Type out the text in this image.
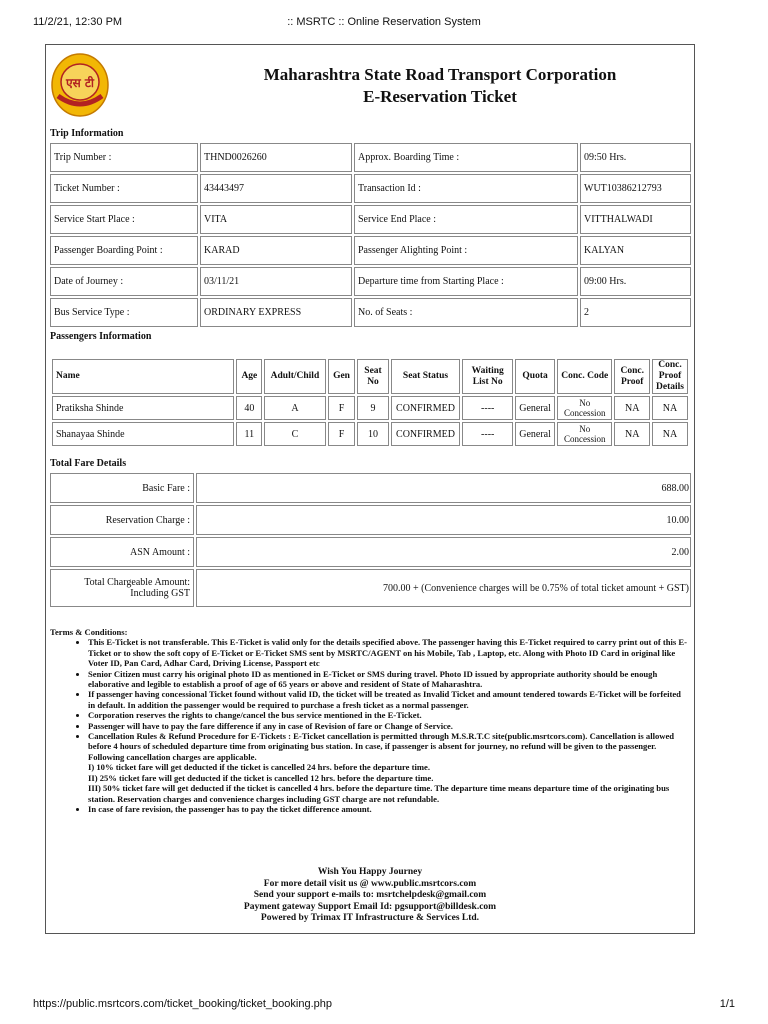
11/2/21, 12:30 PM	:: MSRTC :: Online Reservation System
एस टी	Maharashtra State Road Transport Corporation
E-Reservation Ticket
Trip Information
Trip Number :	THND0026260	Approx. Boarding Time :	09:50 Hrs.
Ticket Number :	43443497	Transaction Id :	WUT10386212793
Service Start Place :	VITA	Service End Place :	VITTHALWADI
Passenger Boarding Point :	KARAD	Passenger Alighting Point :	KALYAN
Date of Journey :	03/11/21	Departure time from Starting Place :	09:00 Hrs.
Bus Service Type :	ORDINARY EXPRESS	No. of Seats :	2
Passengers Information
Name	Age	Adult/Child	Gen	Seat No	Seat Status	Waiting List No	Quota	Conc. Code	Conc. Proof	Conc. Proof Details
Pratiksha Shinde	40	A	F	9	CONFIRMED	----	General	No Concession	NA	NA
Shanayaa Shinde	11	C	F	10	CONFIRMED	----	General	No Concession	NA	NA
Total Fare Details
Basic Fare :	688.00
Reservation Charge :	10.00
ASN Amount :	2.00

Total Chargeable Amount:
Including GST	700.00 + (Convenience charges will be 0.75% of total ticket amount + GST)
Terms & Conditions:
• This E-Ticket is not transferable. This E-Ticket is valid only for the details specified above. The passenger having this E-Ticket required to carry print out of this E-Ticket or to show the soft copy of E-Ticket or E-Ticket SMS sent by MSRTC/AGENT on his Mobile, Tab , Laptop, etc. Along with Photo ID Card in original like Voter ID, Pan Card, Adhar Card, Driving License, Passport etc
• Senior Citizen must carry his original photo ID as mentioned in E-Ticket or SMS during travel. Photo ID issued by appropriate authority should be enough elaborative and legible to establish a proof of age of 65 years or above and resident of State of Maharashtra.
• If passenger having concessional Ticket found without valid ID, the ticket will be treated as Invalid Ticket and amount tendered towards E-Ticket will be forfeited in default. In addition the passenger would be required to purchase a fresh ticket as a normal passenger.
• Corporation reserves the rights to change/cancel the bus service mentioned in the E-Ticket.
• Passenger will have to pay the fare difference if any in case of Revision of fare or Change of Service.
• Cancellation Rules & Refund Procedure for E-Tickets : E-Ticket cancellation is permitted through M.S.R.T.C site(public.msrtcors.com). Cancellation is allowed before 4 hours of scheduled departure time from originating bus station. In case, if passenger is absent for journey, no refund will be given to the passenger. Following cancellation charges are applicable.
I) 10% ticket fare will get deducted if the ticket is cancelled 24 hrs. before the departure time.
II) 25% ticket fare will get deducted if the ticket is cancelled 12 hrs. before the departure time.
III) 50% ticket fare will get deducted if the ticket is cancelled 4 hrs. before the departure time. The departure time means departure time of the originating bus station. Reservation charges and convenience charges including GST charge are not refundable.
• In case of fare revision, the passenger has to pay the ticket difference amount.
Wish You Happy Journey
For more detail visit us @ www.public.msrtcors.com
Send your support e-mails to: msrtchelpdesk@gmail.com
Payment gateway Support Email Id: pgsupport@billdesk.com
Powered by Trimax IT Infrastructure & Services Ltd.
https://public.msrtcors.com/ticket_booking/ticket_booking.php	1/1
